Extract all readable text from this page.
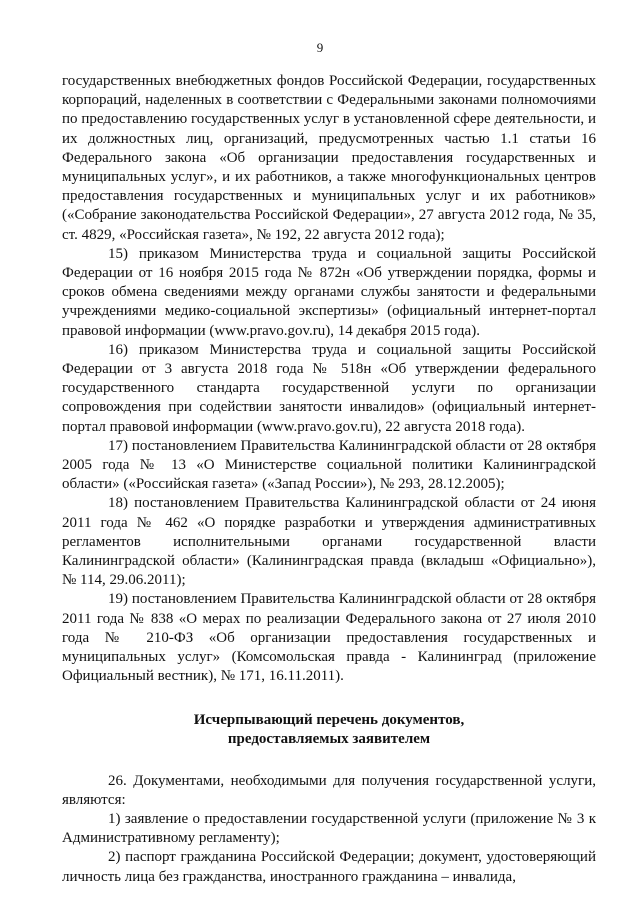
9

государственных внебюджетных фондов Российской Федерации, государственных корпораций, наделенных в соответствии с Федеральными законами полномочиями по предоставлению государственных услуг в установленной сфере деятельности, и их должностных лиц, организаций, предусмотренных частью 1.1 статьи 16 Федерального закона «Об организации предоставления государственных и муниципальных услуг», и их работников, а также многофункциональных центров предоставления государственных и муниципальных услуг и их работников» («Собрание законодательства Российской Федерации», 27 августа 2012 года, № 35, ст. 4829, «Российская газета», № 192, 22 августа 2012 года);

15) приказом Министерства труда и социальной защиты Российской Федерации от 16 ноября 2015 года № 872н «Об утверждении порядка, формы и сроков обмена сведениями между органами службы занятости и федеральными учреждениями медико-социальной экспертизы» (официальный интернет-портал правовой информации (www.pravo.gov.ru), 14 декабря 2015 года).

16) приказом Министерства труда и социальной защиты Российской Федерации от 3 августа 2018 года № 518н «Об утверждении федерального государственного стандарта государственной услуги по организации сопровождения при содействии занятости инвалидов» (официальный интернет-портал правовой информации (www.pravo.gov.ru), 22 августа 2018 года).

17) постановлением Правительства Калининградской области от 28 октября 2005 года № 13 «О Министерстве социальной политики Калининградской области» («Российская газета» («Запад России»), № 293, 28.12.2005);

18) постановлением Правительства Калининградской области от 24 июня 2011 года № 462 «О порядке разработки и утверждения административных регламентов исполнительными органами государственной власти Калининградской области» (Калининградская правда (вкладыш «Официально»), № 114, 29.06.2011);

19) постановлением Правительства Калининградской области от 28 октября 2011 года № 838 «О мерах по реализации Федерального закона от 27 июля 2010 года № 210-ФЗ «Об организации предоставления государственных и муниципальных услуг» (Комсомольская правда - Калининград (приложение Официальный вестник), № 171, 16.11.2011).

Исчерпывающий перечень документов,
предоставляемых заявителем

26. Документами, необходимыми для получения государственной услуги, являются:

1) заявление о предоставлении государственной услуги (приложение № 3 к Административному регламенту);

2) паспорт гражданина Российской Федерации; документ, удостоверяющий личность лица без гражданства, иностранного гражданина – инвалида,
